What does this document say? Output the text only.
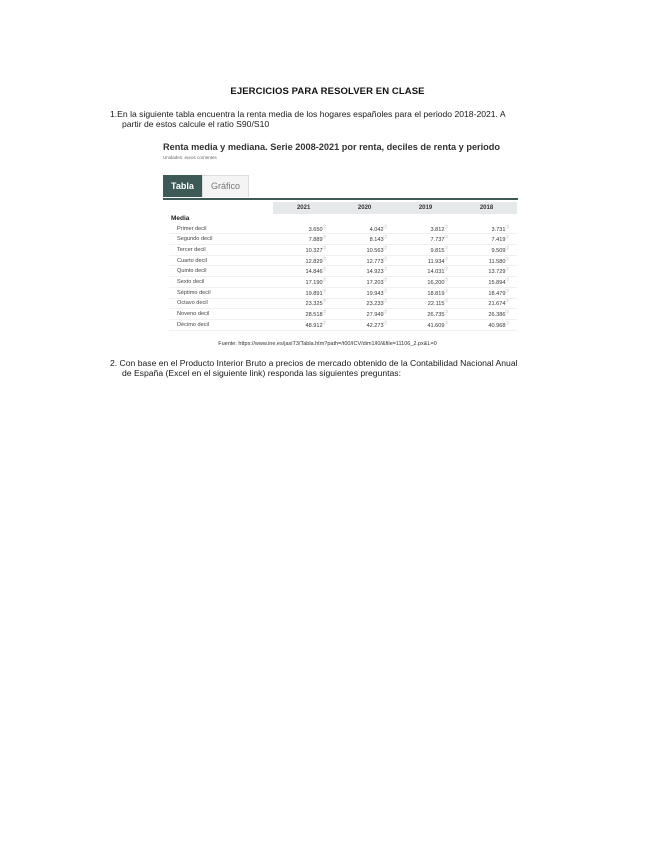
EJERCICIOS PARA RESOLVER EN CLASE
1.En la siguiente tabla encuentra la renta media de los hogares españoles para el periodo 2018-2021. A
partir de estos calcule el ratio S90/S10
Renta media y mediana. Serie 2008-2021 por renta, deciles de renta y periodo
Unidades: euros corrientes
Tabla	Gráfico
	2021	2020	2019	2018
Media				
Primer decil	3.650ⓘ	4.042ⓘ	3.812ⓘ	3.731ⓘ
Segundo decil	7.889ⓘ	8.143ⓘ	7.737ⓘ	7.419ⓘ
Tercer decil	10.327ⓘ	10.563ⓘ	9.815ⓘ	9.509ⓘ
Cuarto decil	12.829ⓘ	12.773ⓘ	11.934ⓘ	11.580ⓘ
Quinto decil	14.846ⓘ	14.923ⓘ	14.031ⓘ	13.729ⓘ
Sexto decil	17.190ⓘ	17.203ⓘ	16.200ⓘ	15.894ⓘ
Séptimo decil	19.891ⓘ	19.943ⓘ	18.819ⓘ	18.479ⓘ
Octavo decil	23.325ⓘ	23.233ⓘ	22.115ⓘ	21.674ⓘ
Noveno decil	28.518ⓘ	27.949ⓘ	26.735ⓘ	26.386ⓘ
Décimo decil	48.912ⓘ	42.273ⓘ	41.609ⓘ	40.968ⓘ
Fuente: https://www.ine.es/jaxiT3/Tabla.htm?path=/t00/ICV/dim1/l0/&file=11106_2.px&L=0
2. Con base en el Producto Interior Bruto a precios de mercado obtenido de la Contabilidad Nacional Anual
de España (Excel en el siguiente link) responda las siguientes preguntas:
